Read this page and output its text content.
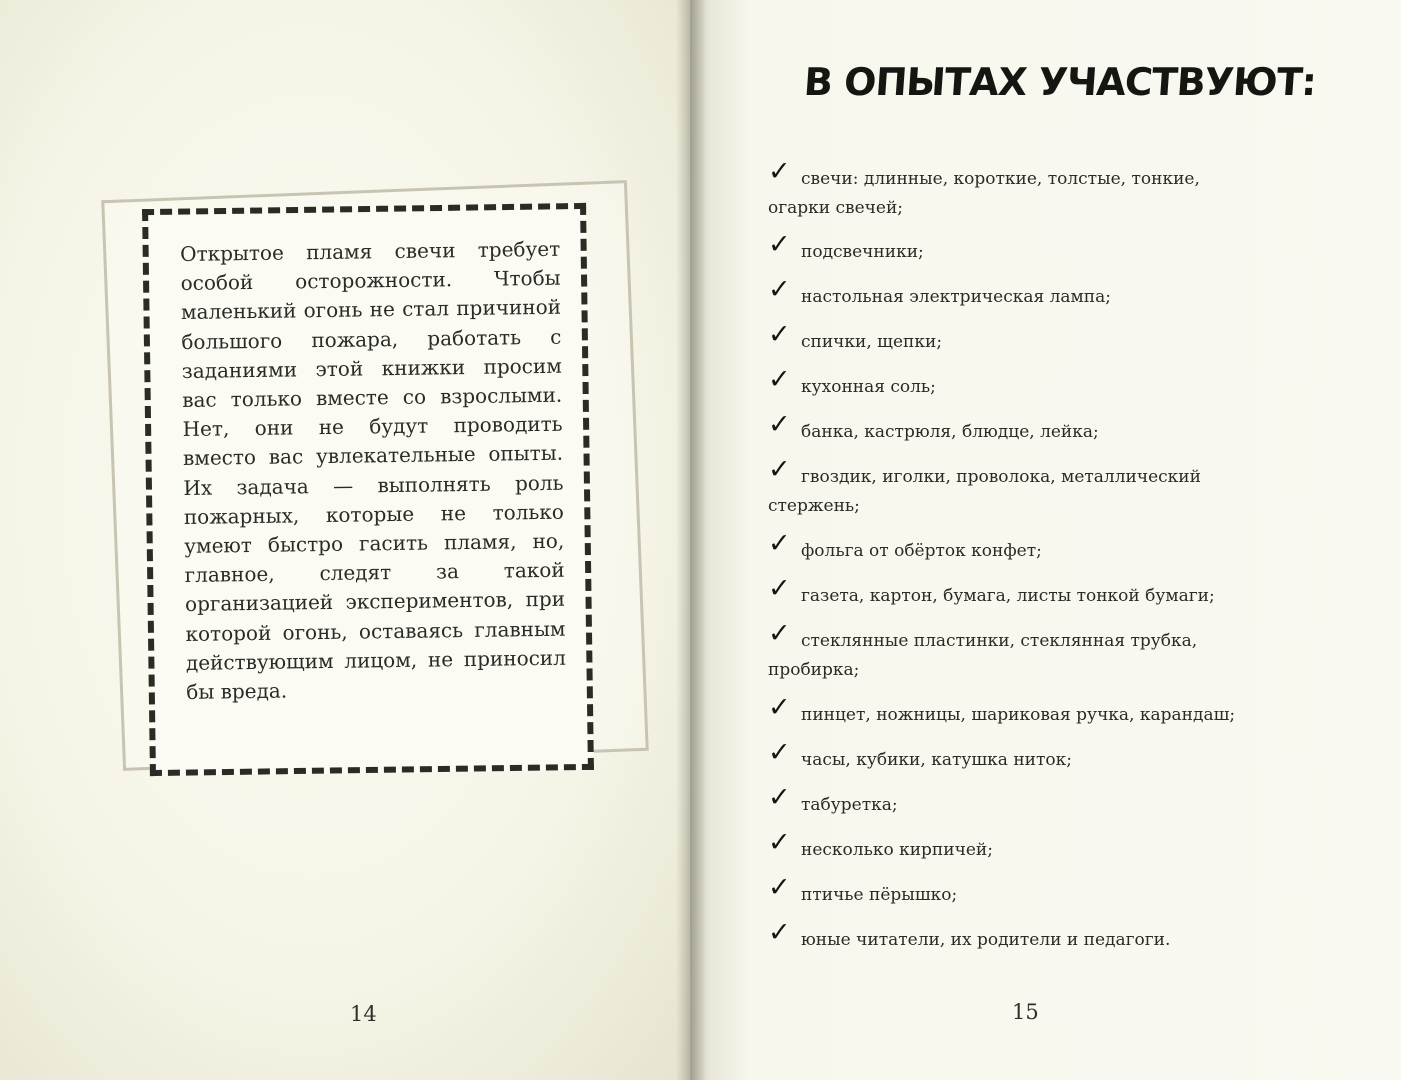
Открытое пламя свечи требует особой осторожности. Чтобы маленький огонь не стал причиной большого пожара, работать с заданиями этой книжки просим вас только вместе со взрослыми. Нет, они не будут проводить вместо вас увлекательные опыты. Их задача — выполнять роль пожарных, которые не только умеют быстро гасить пламя, но, главное, следят за такой организацией экспериментов, при которой огонь, оставаясь главным действующим лицом, не приносил бы вреда.

14
В ОПЫТАХ УЧАСТВУЮТ:
✓ свечи: длинные, короткие, толстые, тонкие,
огарки свечей;
✓ подсвечники;
✓ настольная электрическая лампа;
✓ спички, щепки;
✓ кухонная соль;
✓ банка, кастрюля, блюдце, лейка;
✓ гвоздик, иголки, проволока, металлический
стержень;
✓ фольга от обёрток конфет;
✓ газета, картон, бумага, листы тонкой бумаги;
✓ стеклянные пластинки, стеклянная трубка,
пробирка;
✓ пинцет, ножницы, шариковая ручка, карандаш;
✓ часы, кубики, катушка ниток;
✓ табуретка;
✓ несколько кирпичей;
✓ птичье пёрышко;
✓ юные читатели, их родители и педагоги.
15
